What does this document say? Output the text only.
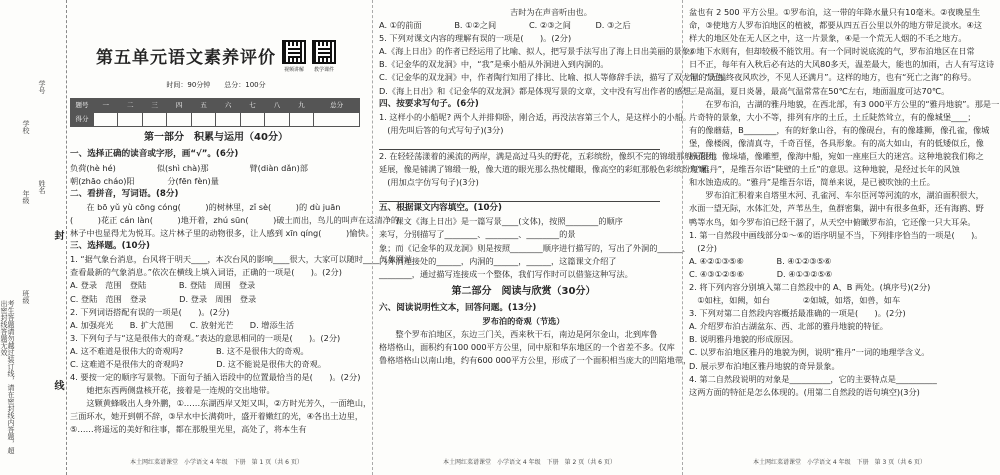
考生答题请勿越过装订线，请在密封线内答题，超出密封线答题无效
学校
年级
班级
学号
姓名
封
线
第五单元语文素养评价
视频讲解 教学课件
时间：90分钟　　总分：100分
题号	一	二	三	四	五	六	七	八	九	总分
得分										
第一部分　积累与运用（40分）
一、选择正确的读音或字形，画“√”。(6分)
负荷(hè hé)　　　　　似(shì chà)那　　　　　臂(diàn dǎn)部
朝(zhāo cháo)阳　　　　分(fēn fèn)量
二、看拼音，写词语。(8分)
　　在 bō yǔ yù cōng cóng(　　　)的树林里，zǐ sè(　　　)的 dù juān
(　　　)花正 cán làn(　　　)地开着，zhú sūn(　　　)破土而出，鸟儿的叫声在这清净的
林子中也显得尤为悦耳。这片林子里的动物很多，让人感到 xīn qíng(　　　)愉快。
三、选择题。(10分)
1. “据气象台消息，台风将于明天____，本次台风的影响____很大，大家可以随时____气象网站
查看最新的气象消息。”依次在横线上填入词语，正确的一项是(　　)。(2分)
A. 登录　范围　登陆　　　　B. 登陆　周围　登录
C. 登陆　范围　登录　　　　D. 登录　周围　登录
2. 下列词语搭配有误的一项是(　　)。(2分)
A. 加强亮光　　B. 扩大范围　　C. 放射光芒　　D. 增添生活
3. 下列句子与“这是很伟大的奇观。”表达的意思相同的一项是(　　)。(2分)
A. 这不难道是很伟大的奇观吗?　　　　B. 这不是很伟大的奇观。
C. 这难道不是很伟大的奇观吗?　　　　D. 这不能说是很伟大的奇观。
4. 要按一定的顺序写景物。下面句子插入语段中的位置最恰当的是(　　)。(2分)
　　她把东西两侧盘核开花，接着是一连规的交出地带。
　　这颗黄蜂吸出人身外鹏，①……东湖西岸又矩又叫，②方时光芳久，一面绝山，
三面环水，她开到朝不辞，③早水中长满荷叶，盛开着嫩红的光，④各出土边里，
⑤……将遥远的美好和往事，都在那般里光里，高处了，将本生有
本土网红菜谱课堂　小学语文 4 年级　下册　第 1 页（共 6 页）
　　　　　　　　　　　　　　　　吉时为在声音听由也。
A. ①的前面　　　　B. ①②之间　　　　C. ②③之间　　　D. ③之后
5. 下列对课文内容的理解有误的一项是(　　)。(2分)
A.《海上日出》的作者已经运用了比喻、拟人，把写景手法写出了海上日出美丽的景象。
B.《记金华的双龙洞》中，“我”是乘小船从外洞进入到内洞的。
C.《记金华的双龙洞》中，作者陶行知用了排比、比喻、拟人等修辞手法，描写了双龙洞的景色。
D.《海上日出》和《记金华的双龙洞》都是体现写景的文章，文中没有写出作者的感想。
四、按要求写句子。(6分)
1. 这样小的小船呢? 两个人并排仰卧，刚合适，再没法容第三个人，是这样小的小船。
　(用先叫后答的句式写句子)(3分)
2. 在轻轻荡漾着的溪流的两岸，满是高过马头的野花，五彩缤纷，像织不完的锦缎那般无限地
延展，像是铺满了锦缎一般，像大道的眼光那么热忱耀眼，像高空的彩虹那般色彩缤纷斑斓。
　(用加点字仿写句子)(3分)
五、根据课文内容填空。(10分)
　　课文《海上日出》是一篇写景____(文体)，按照________的顺序
来写，分别描写了________、________、________的景
象；而《记金华的双龙洞》则是按照________顺序进行描写的，写出了外洞的______、
内外洞连接处的______，内洞的______，______，这篇课文介绍了
________，通过描写连接成一个整体，我们写作时可以借鉴这种写法。
第二部分　阅读与欣赏（30分）
六、阅读说明性文本，回答问题。(13分)
罗布泊的奇观（节选）
　　整个罗布泊地区，东边三门关，西来秋干石，南边是阿尔金山，北到库鲁
格塔格山，面积约有100 000平方公里，同中原和华东地区的一个省差不多。仅库
鲁格塔格山以南山地，约有600 000平方公里，形成了一个面积相当庞大的凹陷地带，
本土网红菜谱课堂　小学语文 4 年级　下册　第 2 页（共 6 页）
盆也有 2 500 平方公里。①罗布泊，这一带的年降水量只有10毫米。②夜晚星生
命，③使地方人罗布泊地区的植被，都要从四五百公里以外的地方带足淡水。④这
样大的地区处在无人区之中，这一片景象，④是一个荒无人烟的不毛之地方。
⑥地下水则有，但却较极不能饮用。有一个同时说底流的气，罗布泊地区在日常
日不正，每年有入秋后必有达的大风80多天，温差最大，能也的加雨，古人有写这诗
句：“无端终夜风吹沙，不见人还满月”。这样的地方，也有“死亡之海”的称号。
三是高温，夏日炎暑，最高气温常常在50℃左右，地面温度可达70℃。
　　在罗布泊，古湖的雅丹地貌，在西北部，有3 000平方公里的“雅丹地貌”。那是一
片奇特的景象，大小不等，排列有序的土丘，土丘陡然耸立，有的像城堡____；
有的像蘑菇，B________，有的好象山谷，有的像砚台，有的像雄狮，像孔雀，像城
堡，像楼阁，像清真寺，千奇百怪，各具形象。有的高大如山，有的低矮似丘，像
棉花团，像垛墙，像雕塑，像海中船，宛如一座座巨大的迷宫。这种地貌我们称之
为“雅丹”，是维吾尔语“陡壁的土丘”的意思。这种地貌，是经过长年的风蚀
和水蚀造成的。“雅丹”是维吾尔语，简单来说，是已被吹蚀的土丘。
　　罗布泊汇积着来自塔里木河、孔雀河、车尔臣河等河流的水，湖泊面积很大，
水面一望无际，水体汇处，芦苇丛生，鱼群密集，湖中有很多鱼虾，还有海鸥、野
鸭等水鸟，如今罗布泊已经干涸了，从天空中俯瞰罗布泊，它还像一只大耳朵。
1. 第一自然段中画线部分①～⑥的语序明显不当，下列排序恰当的一项是(　　)。
　(2分)
A. ④②①③⑤⑥　　　　B. ④①②③⑤⑥
C. ④③①②⑤⑥　　　　D. ④①③②⑤⑥
2. 将下列内容分别填入第二自然段中的 A、B 两处。(填序号)(2分)
　①如柱，如阙，如台　　　　②如城，如塔，如兽，如车
3. 下列对第二自然段内容概括最准确的一项是(　　)。(2分)
A. 介绍罗布泊古湖盆东、西、北部的雅丹地貌的特征。
B. 说明雅丹地貌的形成原因。
C. 以罗布泊地区雅丹的地貌为例，说明“雅丹”一词的地理学含义。
D. 展示罗布泊地区雅丹地貌的奇异景象。
4. 第二自然段说明的对象是__________，它的主要特点是__________
这两方面的特征是怎么体现的。(用第二自然段的语句填空)(3分)
本土网红菜谱课堂　小学语文 4 年级　下册　第 3 页（共 6 页）
